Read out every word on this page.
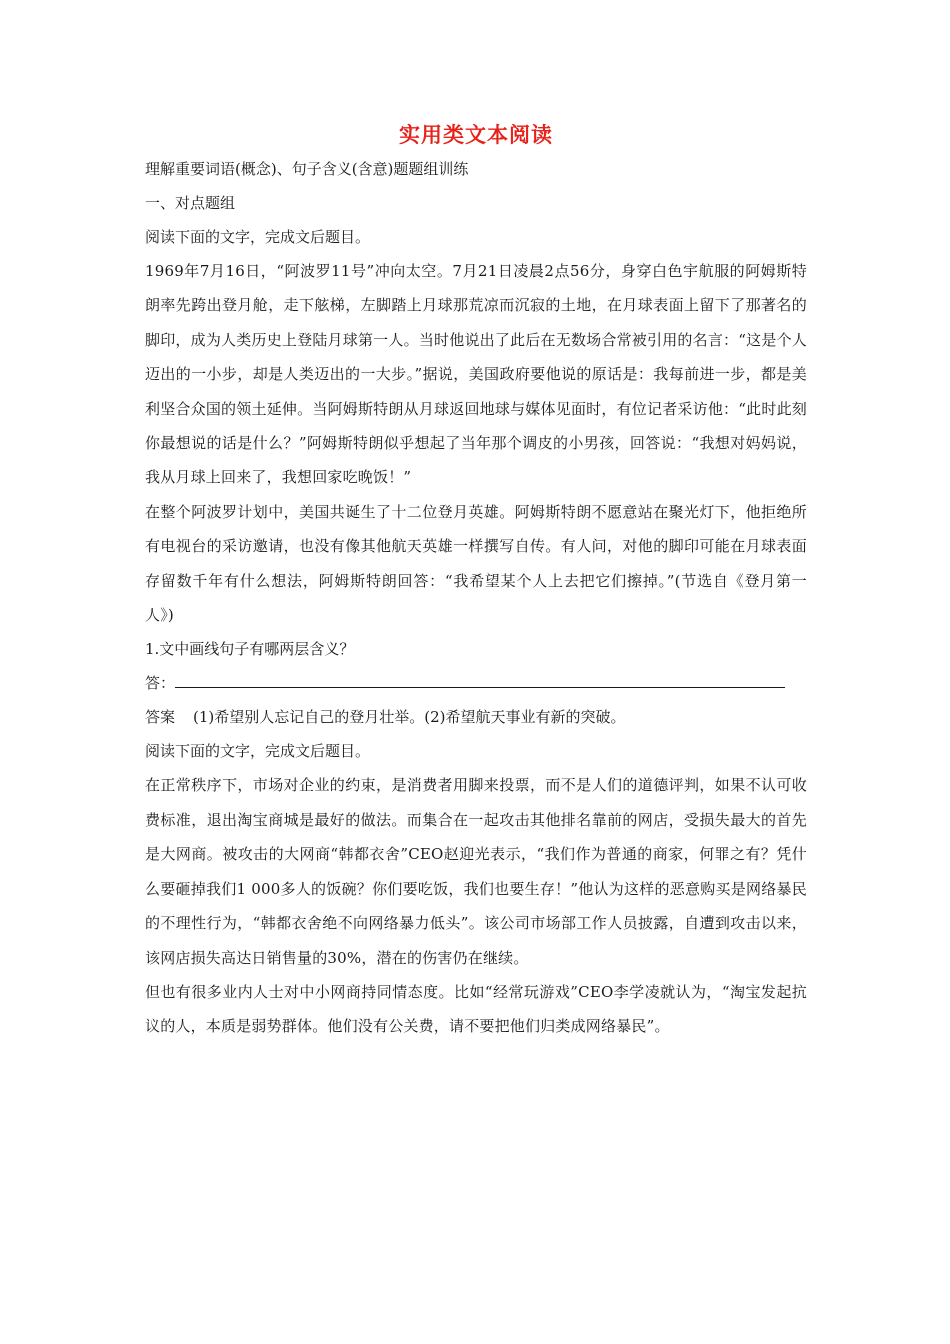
实用类文本阅读

理解重要词语(概念)、句子含义(含意)题题组训练

一、对点题组

阅读下面的文字，完成文后题目。

1969年7月16日，“阿波罗11号”冲向太空。7月21日凌晨2点56分，身穿白色宇航服的阿姆斯特朗率先跨出登月舱，走下舷梯，左脚踏上月球那荒凉而沉寂的土地，在月球表面上留下了那著名的脚印，成为人类历史上登陆月球第一人。当时他说出了此后在无数场合常被引用的名言：“这是个人迈出的一小步，却是人类迈出的一大步。”据说，美国政府要他说的原话是：我每前进一步，都是美利坚合众国的领土延伸。当阿姆斯特朗从月球返回地球与媒体见面时，有位记者采访他：“此时此刻你最想说的话是什么？”阿姆斯特朗似乎想起了当年那个调皮的小男孩，回答说：“我想对妈妈说，我从月球上回来了，我想回家吃晚饭！”

在整个阿波罗计划中，美国共诞生了十二位登月英雄。阿姆斯特朗不愿意站在聚光灯下，他拒绝所有电视台的采访邀请，也没有像其他航天英雄一样撰写自传。有人问，对他的脚印可能在月球表面存留数千年有什么想法，阿姆斯特朗回答：“我希望某个人上去把它们擦掉。”(节选自《登月第一人》)

1.文中画线句子有哪两层含义？

答：

答案 (1)希望别人忘记自己的登月壮举。(2)希望航天事业有新的突破。

阅读下面的文字，完成文后题目。

在正常秩序下，市场对企业的约束，是消费者用脚来投票，而不是人们的道德评判，如果不认可收费标准，退出淘宝商城是最好的做法。而集合在一起攻击其他排名靠前的网店，受损失最大的首先是大网商。被攻击的大网商“韩都衣舍”CEO赵迎光表示，“我们作为普通的商家，何罪之有？凭什么要砸掉我们1 000多人的饭碗？你们要吃饭，我们也要生存！”他认为这样的恶意购买是网络暴民的不理性行为，“韩都衣舍绝不向网络暴力低头”。该公司市场部工作人员披露，自遭到攻击以来，该网店损失高达日销售量的30%，潜在的伤害仍在继续。

但也有很多业内人士对中小网商持同情态度。比如“经常玩游戏”CEO李学凌就认为，“淘宝发起抗议的人，本质是弱势群体。他们没有公关费，请不要把他们归类成网络暴民”。
